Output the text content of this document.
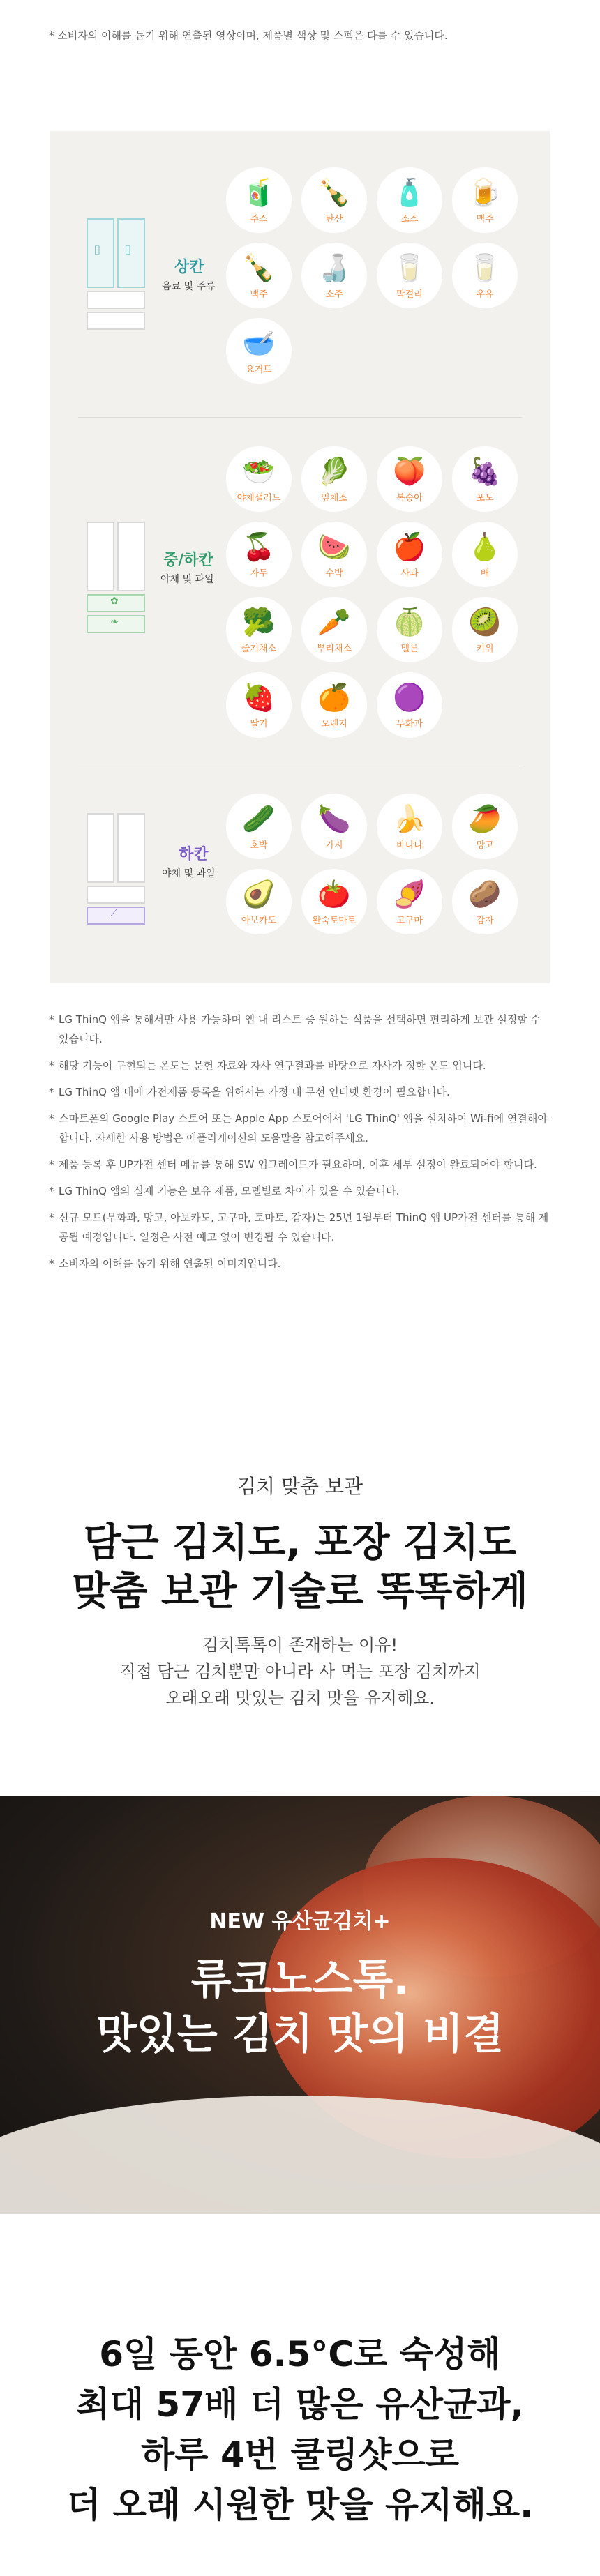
* 소비자의 이해를 돕기 위해 연출된 영상이며, 제품별 색상 및 스펙은 다를 수 있습니다.
⌷ ⌷
상칸
음료 및 주류
🧃
주스
🍾
탄산
🧴
소스
🍺
맥주
🍾
맥주
🍶
소주
🥛
막걸리
🥛
우유
🥣
요거트
✿
❧
중/하칸
야채 및 과일
🥗
야채샐러드
🥬
잎채소
🍑
복숭아
🍇
포도
🍒
자두
🍉
수박
🍎
사과
🍐
배
🥦
줄기채소
🥕
뿌리채소
🍈
멜론
🥝
키위
🍓
딸기
🍊
오렌지
🟣
무화과
⟋
하칸
야채 및 과일
🥒
호박
🍆
가지
🍌
바나나
🥭
망고
🥑
아보카도
🍅
완숙토마토
🍠
고구마
🥔
감자
* LG ThinQ 앱을 통해서만 사용 가능하며 앱 내 리스트 중 원하는 식품을 선택하면 편리하게 보관 설정할 수 있습니다.
* 해당 기능이 구현되는 온도는 문헌 자료와 자사 연구결과를 바탕으로 자사가 정한 온도 입니다.
* LG ThinQ 앱 내에 가전제품 등록을 위해서는 가정 내 무선 인터넷 환경이 필요합니다.
* 스마트폰의 Google Play 스토어 또는 Apple App 스토어에서 'LG ThinQ' 앱을 설치하여 Wi-fi에 연결해야 합니다. 자세한 사용 방법은 애플리케이션의 도움말을 참고해주세요.
* 제품 등록 후 UP가전 센터 메뉴를 통해 SW 업그레이드가 필요하며, 이후 세부 설정이 완료되어야 합니다.
* LG ThinQ 앱의 실제 기능은 보유 제품, 모델별로 차이가 있을 수 있습니다.
* 신규 모드(무화과, 망고, 아보카도, 고구마, 토마토, 감자)는 25년 1월부터 ThinQ 앱 UP가전 센터를 통해 제공될 예정입니다. 일정은 사전 예고 없이 변경될 수 있습니다.
* 소비자의 이해를 돕기 위해 연출된 이미지입니다.
김치 맞춤 보관
담근 김치도, 포장 김치도
맞춤 보관 기술로 똑똑하게
김치톡톡이 존재하는 이유!
직접 담근 김치뿐만 아니라 사 먹는 포장 김치까지
오래오래 맛있는 김치 맛을 유지해요.
NEW 유산균김치+
류코노스톡.
맛있는 김치 맛의 비결
6일 동안 6.5°C로 숙성해
최대 57배 더 많은 유산균과,
하루 4번 쿨링샷으로
더 오래 시원한 맛을 유지해요.
